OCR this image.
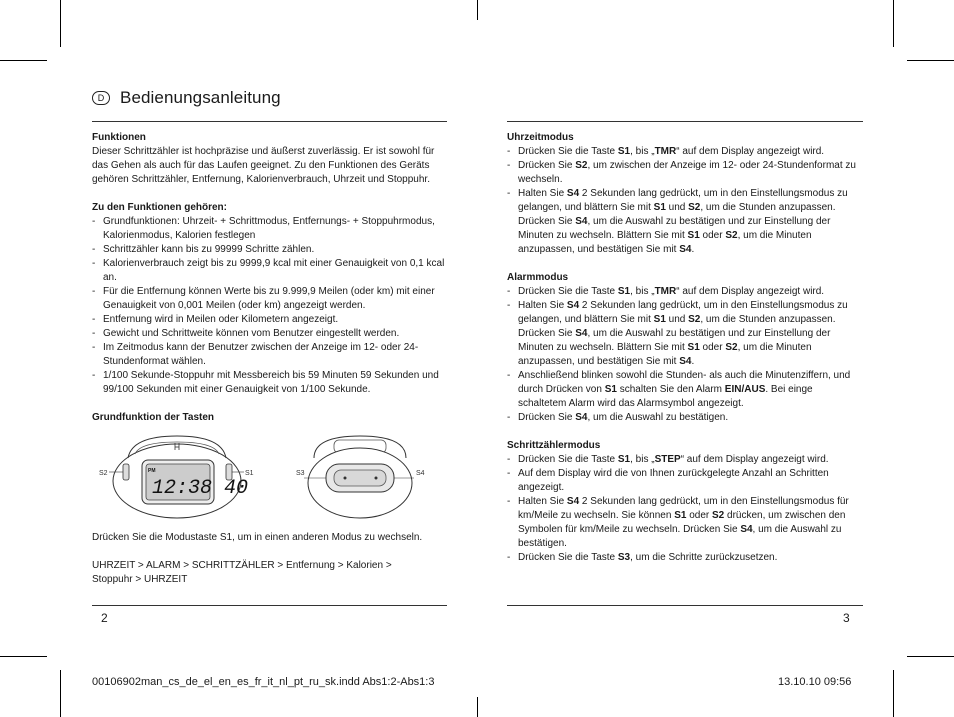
D Bedienungsanleitung

Funktionen

Dieser Schrittzähler ist hochpräzise und äußerst zuverlässig. Er ist sowohl für das Gehen als auch für das Laufen geeignet. Zu den Funktionen des Geräts gehören Schrittzähler, Entfernung, Kalorienverbrauch, Uhrzeit und Stoppuhr.

Zu den Funktionen gehören:

- Grundfunktionen: Uhrzeit- + Schrittmodus, Entfernungs- + Stoppuhrmodus, Kalorienmodus, Kalorien festlegen
- Schrittzähler kann bis zu 99999 Schritte zählen.
- Kalorienverbrauch zeigt bis zu 9999,9 kcal mit einer Genauigkeit von 0,1 kcal an.
- Für die Entfernung können Werte bis zu 9.999,9 Meilen (oder km) mit einer Genauigkeit von 0,001 Meilen (oder km) angezeigt werden.
- Entfernung wird in Meilen oder Kilometern angezeigt.
- Gewicht und Schrittweite können vom Benutzer eingestellt werden.
- Im Zeitmodus kann der Benutzer zwischen der Anzeige im 12- oder 24-Stundenformat wählen.
- 1/100 Sekunde-Stoppuhr mit Messbereich bis 59 Minuten 59 Sekunden und 99/100 Sekunden mit einer Genauigkeit von 1/100 Sekunde.

Grundfunktion der Tasten

PM
12:38 40
S2	S1	S3	S4

Drücken Sie die Modustaste S1, um in einen anderen Modus zu wechseln.

UHRZEIT > ALARM > SCHRITTZÄHLER > Entfernung > Kalorien > Stoppuhr > UHRZEIT

Uhrzeitmodus

- Drücken Sie die Taste S1, bis „TMR“ auf dem Display angezeigt wird.
- Drücken Sie S2, um zwischen der Anzeige im 12- oder 24-Stundenformat zu wechseln.
- Halten Sie S4 2 Sekunden lang gedrückt, um in den Einstellungsmodus zu gelangen, und blättern Sie mit S1 und S2, um die Stunden anzupassen. Drücken Sie S4, um die Auswahl zu bestätigen und zur Einstellung der Minuten zu wechseln. Blättern Sie mit S1 oder S2, um die Minuten anzupassen, und bestätigen Sie mit S4.

Alarmmodus

- Drücken Sie die Taste S1, bis „TMR“ auf dem Display angezeigt wird.
- Halten Sie S4 2 Sekunden lang gedrückt, um in den Einstellungsmodus zu gelangen, und blättern Sie mit S1 und S2, um die Stunden anzupassen. Drücken Sie S4, um die Auswahl zu bestätigen und zur Einstellung der Minuten zu wechseln. Blättern Sie mit S1 oder S2, um die Minuten anzupassen, und bestätigen Sie mit S4.
- Anschließend blinken sowohl die Stunden- als auch die Minutenziffern, und durch Drücken von S1 schalten Sie den Alarm EIN/AUS. Bei einge schaltetem Alarm wird das Alarmsymbol angezeigt.
- Drücken Sie S4, um die Auswahl zu bestätigen.

Schrittzählermodus

- Drücken Sie die Taste S1, bis „STEP“ auf dem Display angezeigt wird.
- Auf dem Display wird die von Ihnen zurückgelegte Anzahl an Schritten angezeigt.
- Halten Sie S4 2 Sekunden lang gedrückt, um in den Einstellungsmodus für km/Meile zu wechseln. Sie können S1 oder S2 drücken, um zwischen den Symbolen für km/Meile zu wechseln. Drücken Sie S4, um die Auswahl zu bestätigen.
- Drücken Sie die Taste S3, um die Schritte zurückzusetzen.
2	3
00106902man_cs_de_el_en_es_fr_it_nl_pt_ru_sk.indd Abs1:2-Abs1:3	13.10.10 09:56
